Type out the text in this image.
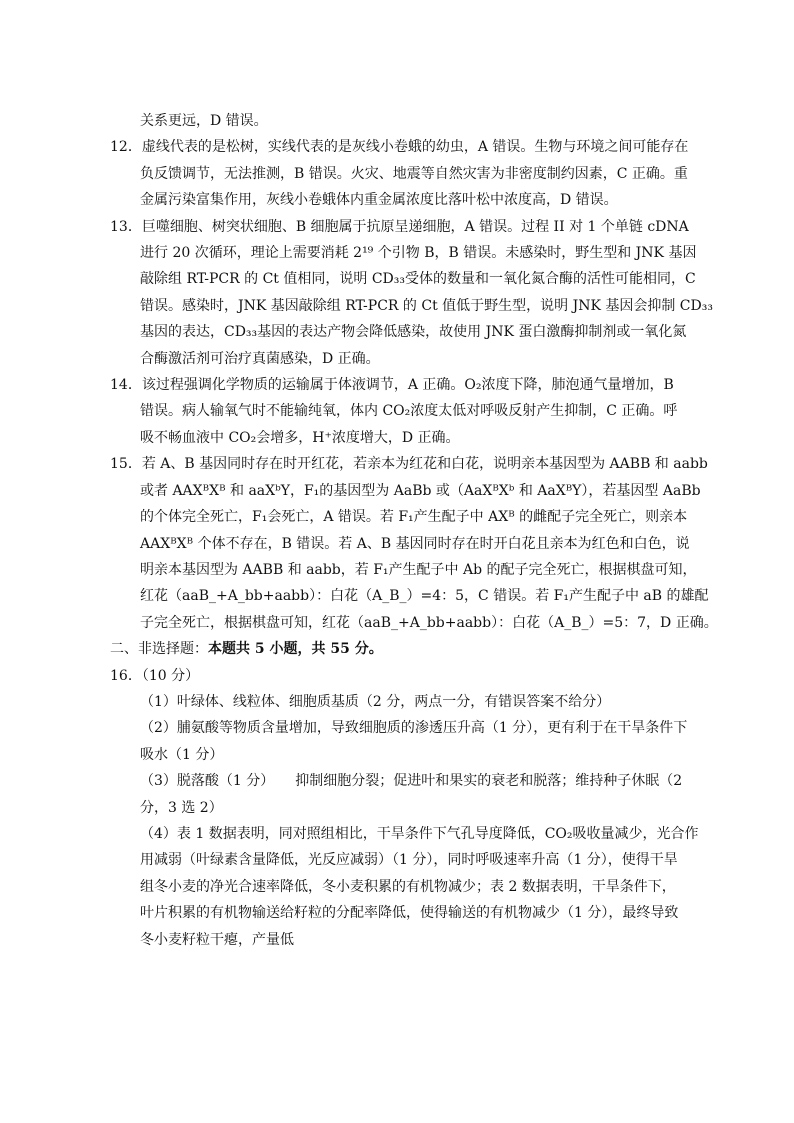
关系更远，D 错误。

12．虚线代表的是松树，实线代表的是灰线小卷蛾的幼虫，A 错误。生物与环境之间可能存在

负反馈调节，无法推测，B 错误。火灾、地震等自然灾害为非密度制约因素，C 正确。重

金属污染富集作用，灰线小卷蛾体内重金属浓度比落叶松中浓度高，D 错误。

13．巨噬细胞、树突状细胞、B 细胞属于抗原呈递细胞，A 错误。过程 II 对 1 个单链 cDNA

进行 20 次循环，理论上需要消耗 2¹⁹ 个引物 B，B 错误。未感染时，野生型和 JNK 基因

敲除组 RT-PCR 的 Ct 值相同，说明 CD₃₃受体的数量和一氧化氮合酶的活性可能相同，C

错误。感染时，JNK 基因敲除组 RT-PCR 的 Ct 值低于野生型，说明 JNK 基因会抑制 CD₃₃

基因的表达，CD₃₃基因的表达产物会降低感染，故使用 JNK 蛋白激酶抑制剂或一氧化氮

合酶激活剂可治疗真菌感染，D 正确。

14．该过程强调化学物质的运输属于体液调节，A 正确。O₂浓度下降，肺泡通气量增加，B

错误。病人输氧气时不能输纯氧，体内 CO₂浓度太低对呼吸反射产生抑制，C 正确。呼

吸不畅血液中 CO₂会增多，H⁺浓度增大，D 正确。

15．若 A、B 基因同时存在时开红花，若亲本为红花和白花，说明亲本基因型为 AABB 和 aabb

或者 AAXᴮXᴮ 和 aaXᵇY，F₁的基因型为 AaBb 或（AaXᴮXᵇ 和 AaXᴮY），若基因型 AaBb

的个体完全死亡，F₁会死亡，A 错误。若 F₁产生配子中 AXᴮ 的雌配子完全死亡，则亲本

AAXᴮXᴮ 个体不存在，B 错误。若 A、B 基因同时存在时开白花且亲本为红色和白色，说

明亲本基因型为 AABB 和 aabb，若 F₁产生配子中 Ab 的配子完全死亡，根据棋盘可知，

红花（aaB_+A_bb+aabb）：白花（A_B_）=4：5，C 错误。若 F₁产生配子中 aB 的雄配

子完全死亡，根据棋盘可知，红花（aaB_+A_bb+aabb）：白花（A_B_）=5：7，D 正确。

二、非选择题：本题共 5 小题，共 55 分。

16．（10 分）

（1）叶绿体、线粒体、细胞质基质（2 分，两点一分，有错误答案不给分）

（2）脯氨酸等物质含量增加，导致细胞质的渗透压升高（1 分），更有利于在干旱条件下

吸水（1 分）

（3）脱落酸（1 分）　　抑制细胞分裂；促进叶和果实的衰老和脱落；维持种子休眠（2

分，3 选 2）

（4）表 1 数据表明，同对照组相比，干旱条件下气孔导度降低，CO₂吸收量减少，光合作

用减弱（叶绿素含量降低，光反应减弱）（1 分），同时呼吸速率升高（1 分），使得干旱

组冬小麦的净光合速率降低，冬小麦积累的有机物减少；表 2 数据表明，干旱条件下，

叶片积累的有机物输送给籽粒的分配率降低，使得输送的有机物减少（1 分），最终导致

冬小麦籽粒干瘪，产量低
